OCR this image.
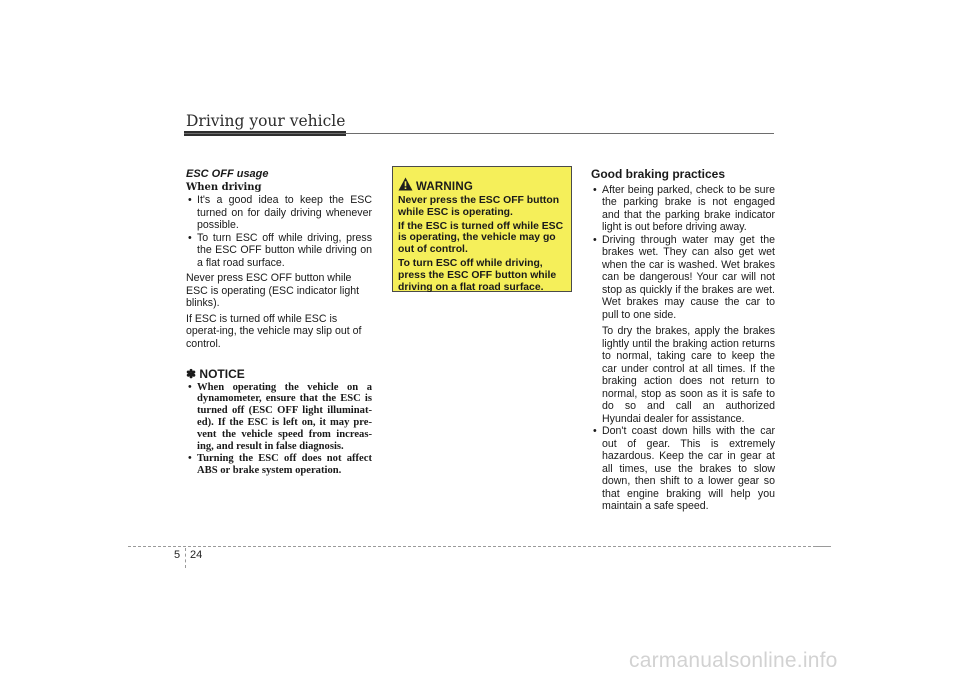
Driving your vehicle

ESC OFF usage

When driving

• It's a good idea to keep the ESC turned on for daily driving whenever possible.
• To turn ESC off while driving, press the ESC OFF button while driving on a flat road surface.

Never press ESC OFF button while ESC is operating (ESC indicator light blinks).

If ESC is turned off while ESC is operat-ing, the vehicle may slip out of control.

✽ NOTICE
• When operating the vehicle on a dynamometer, ensure that the ESC is turned off (ESC OFF light illuminat-ed). If the ESC is left on, it may pre-vent the vehicle speed from increas-ing, and result in false diagnosis.
• Turning the ESC off does not affect ABS or brake system operation.
WARNING

Never press the ESC OFF button while ESC is operating.

If the ESC is turned off while ESC is operating, the vehicle may go out of control.

To turn ESC off while driving, press the ESC OFF button while driving on a flat road surface.

Good braking practices

• After being parked, check to be sure the parking brake is not engaged and that the parking brake indicator light is out before driving away.
• Driving through water may get the brakes wet. They can also get wet when the car is washed. Wet brakes can be dangerous! Your car will not stop as quickly if the brakes are wet. Wet brakes may cause the car to pull to one side.

To dry the brakes, apply the brakes lightly until the braking action returns to normal, taking care to keep the car under control at all times. If the braking action does not return to normal, stop as soon as it is safe to do so and call an authorized Hyundai dealer for assistance.

• Don't coast down hills with the car out of gear. This is extremely hazardous. Keep the car in gear at all times, use the brakes to slow down, then shift to a lower gear so that engine braking will help you maintain a safe speed.
5 24
carmanualsonline.info
